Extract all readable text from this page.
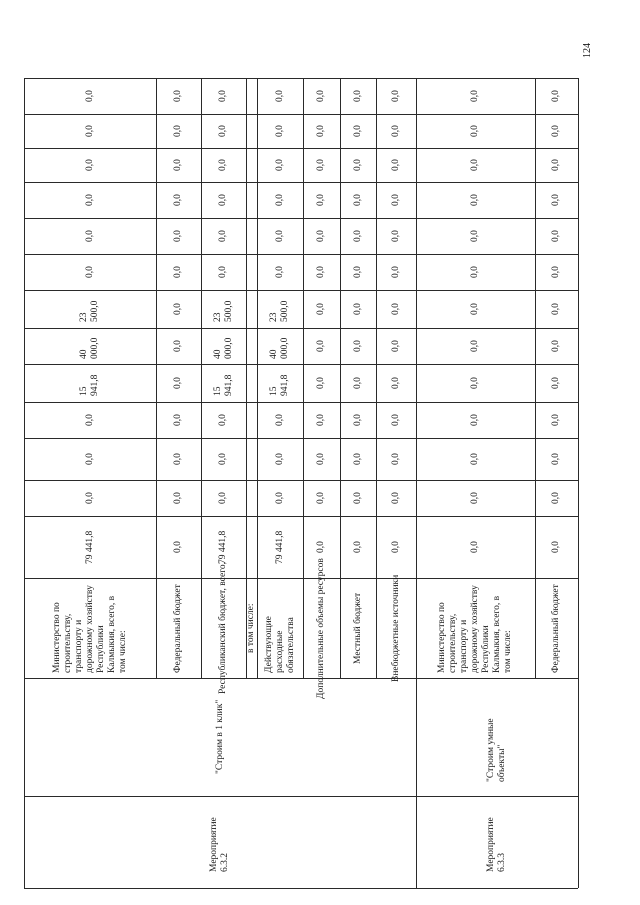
124
Министерство по строительству, транспорту и дорожному хозяйству Республики Калмыкия, всего, в том числе:
79 441,8
0,0
0,0
0,0
15 941,8
40 000,0
23 500,0
0,0
0,0
0,0
0,0
0,0
0,0
Федеральный бюджет
0,0
0,0
0,0
0,0
0,0
0,0
0,0
0,0
0,0
0,0
0,0
0,0
0,0
Республиканский бюджет, всего,
79 441,8
0,0
0,0
0,0
15 941,8
40 000,0
23 500,0
0,0
0,0
0,0
0,0
0,0
0,0
в том числе: Действующие расходные обязательства
79 441,8
0,0
0,0
0,0
15 941,8
40 000,0
23 500,0
0,0
0,0
0,0
0,0
0,0
0,0
Дополнительные объемы ресурсов
0,0
0,0
0,0
0,0
0,0
0,0
0,0
0,0
0,0
0,0
0,0
0,0
0,0
Местный бюджет
0,0
0,0
0,0
0,0
0,0
0,0
0,0
0,0
0,0
0,0
0,0
0,0
0,0
Внебюджетные источники
0,0
0,0
0,0
0,0
0,0
0,0
0,0
0,0
0,0
0,0
0,0
0,0
0,0
Министерство по строительству, транспорту и дорожному хозяйству Республики Калмыкия, всего, в том числе:
0,0
0,0
0,0
0,0
0,0
0,0
0,0
0,0
0,0
0,0
0,0
0,0
0,0
Федеральный бюджет
0,0
0,0
0,0
0,0
0,0
0,0
0,0
0,0
0,0
0,0
0,0
0,0
0,0
Мероприятие 6.3.2
"Строим в 1 клик"
Мероприятие 6.3.3
"Строим умные объекты"
